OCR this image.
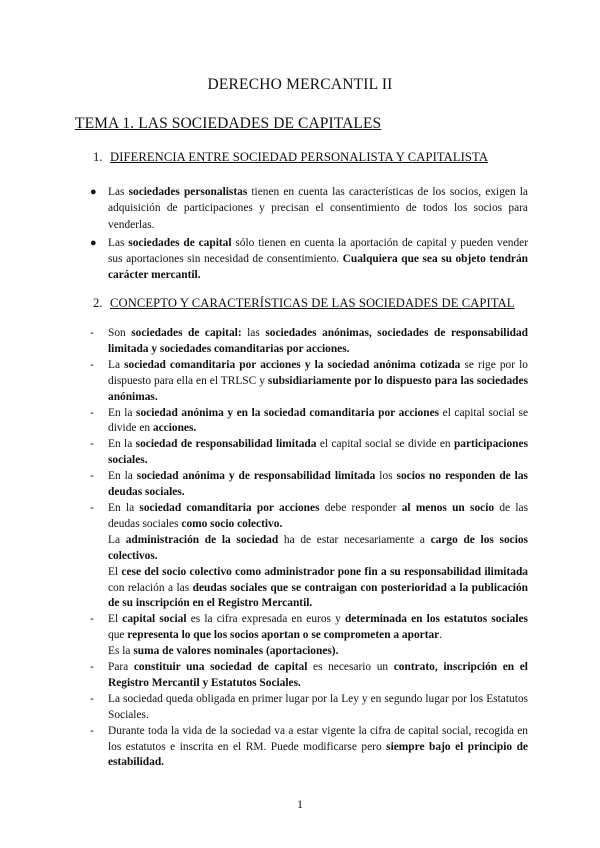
DERECHO MERCANTIL II
TEMA 1. LAS SOCIEDADES DE CAPITALES
1. DIFERENCIA ENTRE SOCIEDAD PERSONALISTA Y CAPITALISTA
● Las sociedades personalistas tienen en cuenta las características de los socios, exigen la adquisición de participaciones y precisan el consentimiento de todos los socios para venderlas.
● Las sociedades de capital sólo tienen en cuenta la aportación de capital y pueden vender sus aportaciones sin necesidad de consentimiento. Cualquiera que sea su objeto tendrán carácter mercantil.
2. CONCEPTO Y CARACTERÍSTICAS DE LAS SOCIEDADES DE CAPITAL
- Son sociedades de capital: las sociedades anónimas, sociedades de responsabilidad limitada y sociedades comanditarias por acciones.
- La sociedad comanditaria por acciones y la sociedad anónima cotizada se rige por lo dispuesto para ella en el TRLSC y subsidiariamente por lo dispuesto para las sociedades anónimas.
- En la sociedad anónima y en la sociedad comanditaria por acciones el capital social se divide en acciones.
- En la sociedad de responsabilidad limitada el capital social se divide en participaciones sociales.
- En la sociedad anónima y de responsabilidad limitada los socios no responden de las deudas sociales.
- En la sociedad comanditaria por acciones debe responder al menos un socio de las deudas sociales como socio colectivo.
La administración de la sociedad ha de estar necesariamente a cargo de los socios colectivos.
El cese del socio colectivo como administrador pone fin a su responsabilidad ilimitada con relación a las deudas sociales que se contraigan con posterioridad a la publicación de su inscripción en el Registro Mercantil.
- El capital social es la cifra expresada en euros y determinada en los estatutos sociales que representa lo que los socios aportan o se comprometen a aportar.
Es la suma de valores nominales (aportaciones).
- Para constituir una sociedad de capital es necesario un contrato, inscripción en el Registro Mercantil y Estatutos Sociales.
- La sociedad queda obligada en primer lugar por la Ley y en segundo lugar por los Estatutos Sociales.
- Durante toda la vida de la sociedad va a estar vigente la cifra de capital social, recogida en los estatutos e inscrita en el RM. Puede modificarse pero siempre bajo el principio de estabilidad.
1
